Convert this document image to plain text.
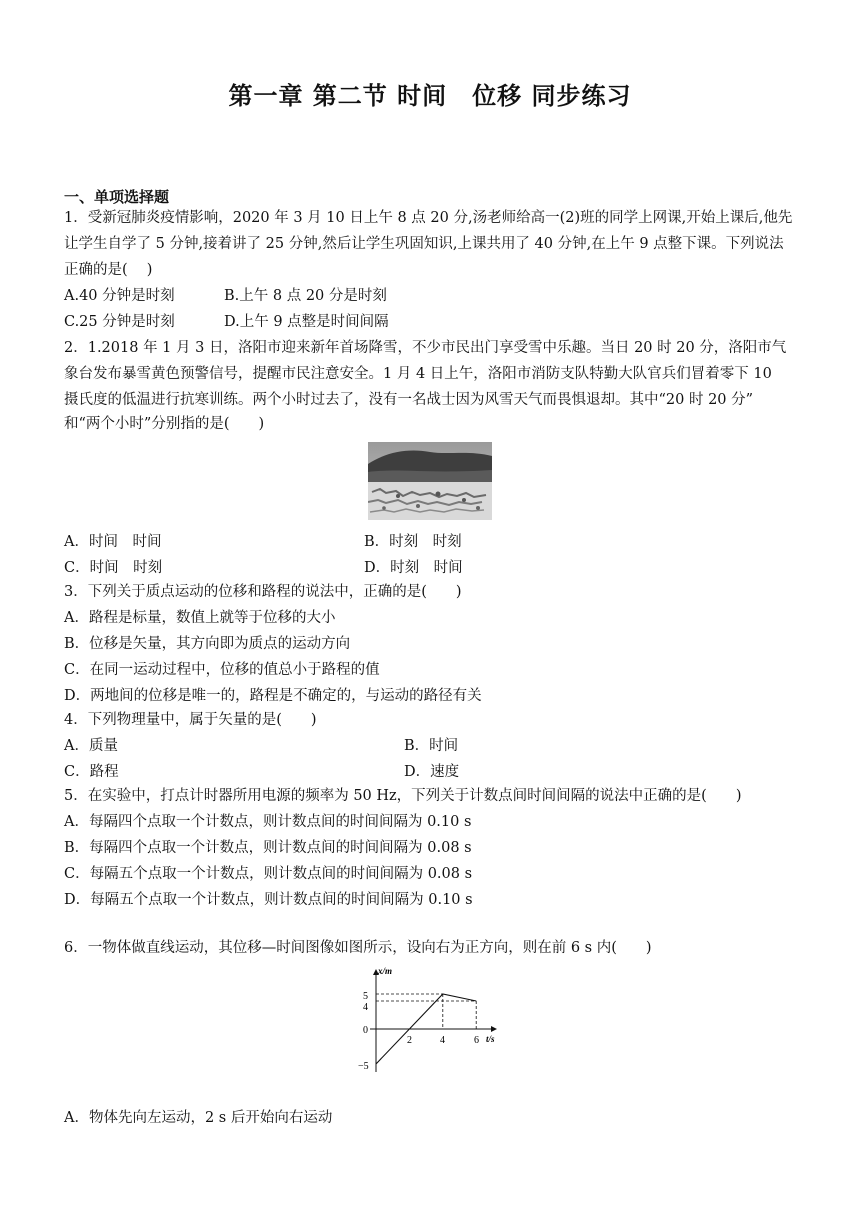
第一章 第二节 时间　位移 同步练习
一、单项选择题
1．受新冠肺炎疫情影响，2020 年 3 月 10 日上午 8 点 20 分,汤老师给高一(2)班的同学上网课,开始上课后,他先
让学生自学了 5 分钟,接着讲了 25 分钟,然后让学生巩固知识,上课共用了 40 分钟,在上午 9 点整下课。下列说法
正确的是(　 )
A.40 分钟是时刻	B.上午 8 点 20 分是时刻
C.25 分钟是时刻	D.上午 9 点整是时间间隔
2．1.2018 年 1 月 3 日，洛阳市迎来新年首场降雪，不少市民出门享受雪中乐趣。当日 20 时 20 分，洛阳市气
象台发布暴雪黄色预警信号，提醒市民注意安全。1 月 4 日上午，洛阳市消防支队特勤大队官兵们冒着零下 10
摄氏度的低温进行抗寒训练。两个小时过去了，没有一名战士因为风雪天气而畏惧退却。其中“20 时 20 分”
和“两个小时”分别指的是(　　)
A．时间　时间	B．时刻　时刻
C．时间　时刻	D．时刻　时间
3．下列关于质点运动的位移和路程的说法中，正确的是(　　)
A．路程是标量，数值上就等于位移的大小
B．位移是矢量，其方向即为质点的运动方向
C．在同一运动过程中，位移的值总小于路程的值
D．两地间的位移是唯一的，路程是不确定的，与运动的路径有关
4．下列物理量中，属于矢量的是(　　)
A．质量	B．时间
C．路程	D．速度
5．在实验中，打点计时器所用电源的频率为 50 Hz，下列关于计数点间时间间隔的说法中正确的是(　　)
A．每隔四个点取一个计数点，则计数点间的时间间隔为 0.10 s
B．每隔四个点取一个计数点，则计数点间的时间间隔为 0.08 s
C．每隔五个点取一个计数点，则计数点间的时间间隔为 0.08 s
D．每隔五个点取一个计数点，则计数点间的时间间隔为 0.10 s
6．一物体做直线运动，其位移—时间图像如图所示，设向右为正方向，则在前 6 s 内(　　)
x/m
t/s
5
4
0
−5
2	4	6
A．物体先向左运动，2 s 后开始向右运动
